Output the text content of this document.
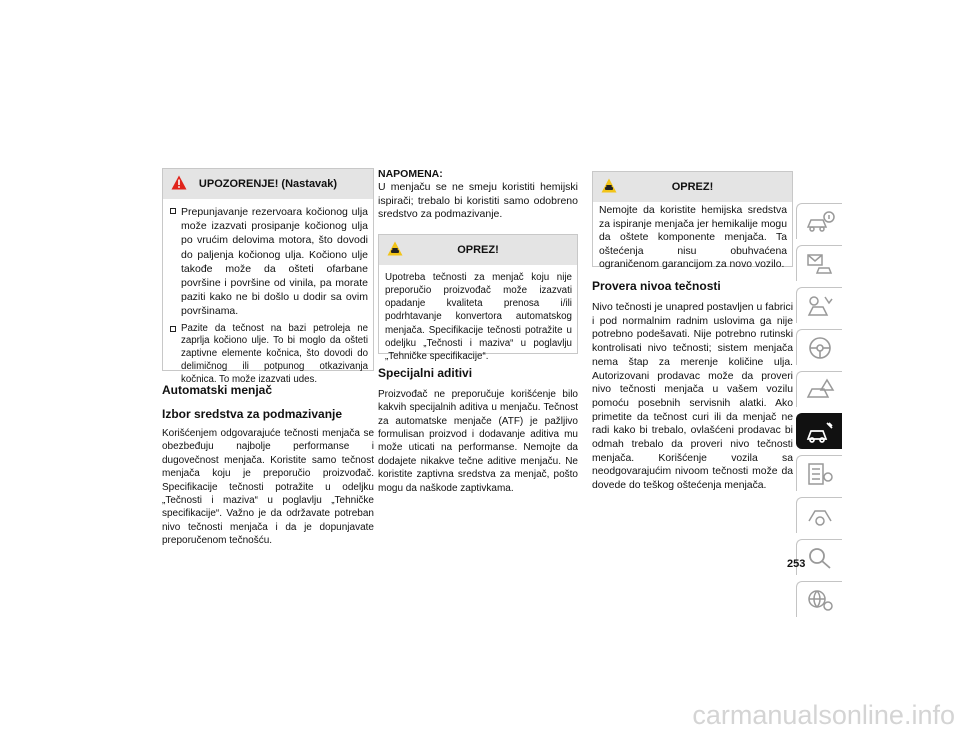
UPOZORENJE! (Nastavak)
Prepunjavanje rezervoara kočionog ulja može izazvati prosipanje kočionog ulja po vrućim delovima motora, što dovodi do paljenja kočionog ulja. Kočiono ulje takođe može da ošteti ofarbane površine i površine od vinila, pa morate paziti kako ne bi došlo u dodir sa ovim površinama.
Pazite da tečnost na bazi petroleja ne zaprlja kočiono ulje. To bi moglo da ošteti zaptivne elemente kočnica, što dovodi do delimičnog ili potpunog otkazivanja kočnica. To može izazvati udes.
Automatski menjač
Izbor sredstva za podmazivanje

Korišćenjem odgovarajuće tečnosti menjača se obezbeđuju najbolje performanse i dugovečnost menjača. Koristite samo tečnost menjača koju je preporučio proizvođač. Specifikacije tečnosti potražite u odeljku „Tečnosti i maziva“ u poglavlju „Tehničke specifikacije“. Važno je da održavate potreban nivo tečnosti menjača i da je dopunjavate preporučenom tečnošću.

NAPOMENA:
U menjaču se ne smeju koristiti hemijski ispirači; trebalo bi koristiti samo odobreno sredstvo za podmazivanje.
OPREZ!
Upotreba tečnosti za menjač koju nije preporučio proizvođač može izazvati opadanje kvaliteta prenosa i/ili podrhtavanje konvertora automatskog menjača. Specifikacije tečnosti potražite u odeljku „Tečnosti i maziva“ u poglavlju „Tehničke specifikacije“.
Specijalni aditivi

Proizvođač ne preporučuje korišćenje bilo kakvih specijalnih aditiva u menjaču. Tečnost za automatske menjače (ATF) je pažljivo formulisan proizvod i dodavanje aditiva mu može uticati na performanse. Nemojte da dodajete nikakve tečne aditive menjaču. Ne koristite zaptivna sredstva za menjač, pošto mogu da naškode zaptivkama.

OPREZ!
Nemojte da koristite hemijska sredstva za ispiranje menjača jer hemikalije mogu da oštete komponente menjača. Ta oštećenja nisu obuhvaćena ograničenom garancijom za novo vozilo.
Provera nivoa tečnosti

Nivo tečnosti je unapred postavljen u fabrici i pod normalnim radnim uslovima ga nije potrebno podešavati. Nije potrebno rutinski kontrolisati nivo tečnosti; sistem menjača nema štap za merenje količine ulja. Autorizovani prodavac može da proveri nivo tečnosti menjača u vašem vozilu pomoću posebnih servisnih alatki. Ako primetite da tečnost curi ili da menjač ne radi kako bi trebalo, ovlašćeni prodavac bi odmah trebalo da proveri nivo tečnosti menjača. Korišćenje vozila sa neodgovarajućim nivoom tečnosti može da dovede do teškog oštećenja menjača.

253
carmanualsonline.info
